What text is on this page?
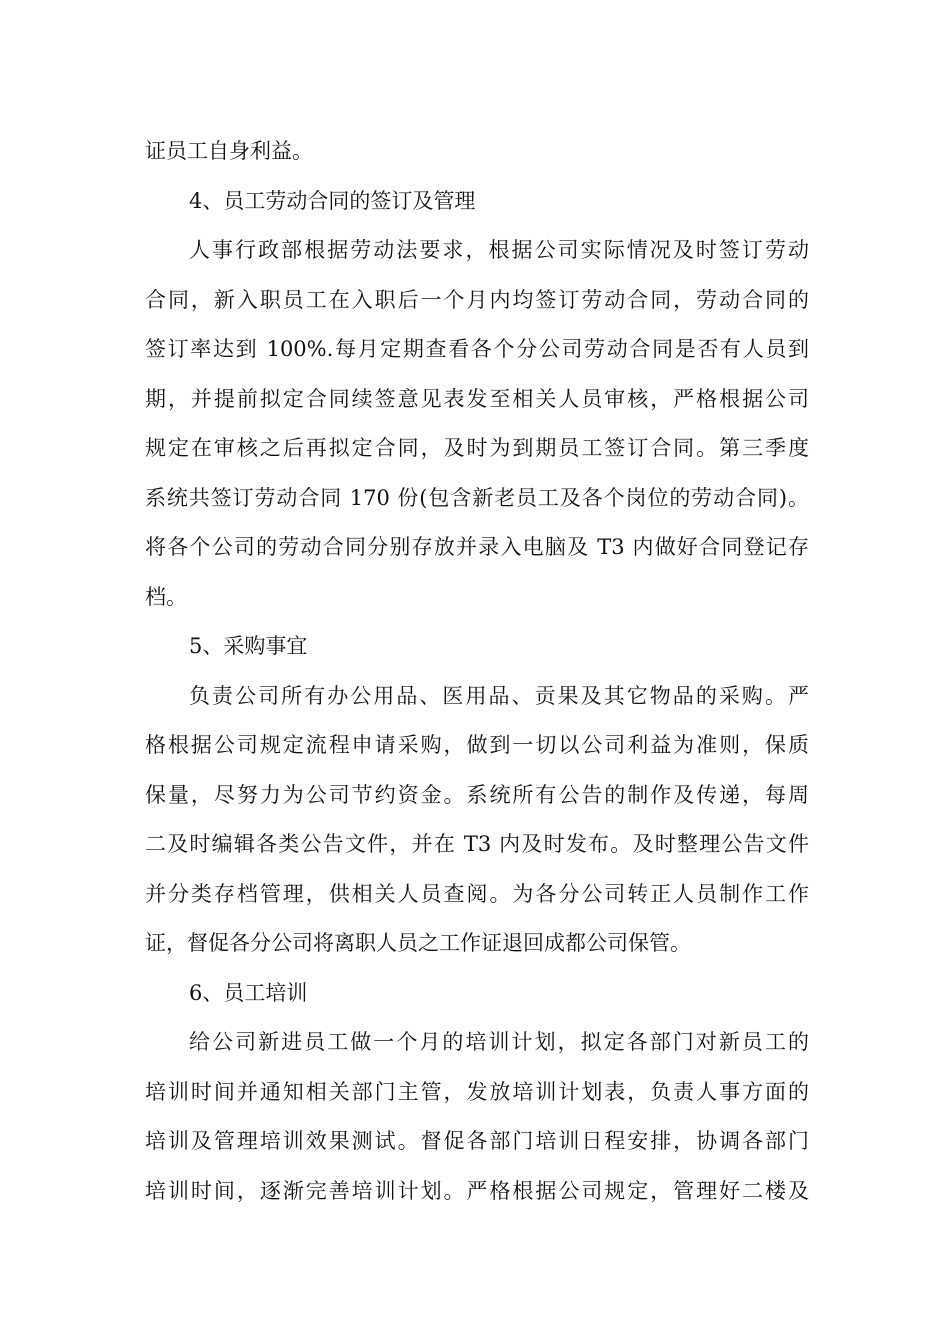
证员工自身利益。
4、员工劳动合同的签订及管理
人事行政部根据劳动法要求，根据公司实际情况及时签订劳动
合同，新入职员工在入职后一个月内均签订劳动合同，劳动合同的
签订率达到 100%.每月定期查看各个分公司劳动合同是否有人员到
期，并提前拟定合同续签意见表发至相关人员审核，严格根据公司
规定在审核之后再拟定合同，及时为到期员工签订合同。第三季度
系统共签订劳动合同 170 份(包含新老员工及各个岗位的劳动合同)。
将各个公司的劳动合同分别存放并录入电脑及 T3 内做好合同登记存
档。
5、采购事宜
负责公司所有办公用品、医用品、贡果及其它物品的采购。严
格根据公司规定流程申请采购，做到一切以公司利益为准则，保质
保量，尽努力为公司节约资金。系统所有公告的制作及传递，每周
二及时编辑各类公告文件，并在 T3 内及时发布。及时整理公告文件
并分类存档管理，供相关人员查阅。为各分公司转正人员制作工作
证，督促各分公司将离职人员之工作证退回成都公司保管。
6、员工培训
给公司新进员工做一个月的培训计划，拟定各部门对新员工的
培训时间并通知相关部门主管，发放培训计划表，负责人事方面的
培训及管理培训效果测试。督促各部门培训日程安排，协调各部门
培训时间，逐渐完善培训计划。严格根据公司规定，管理好二楼及
